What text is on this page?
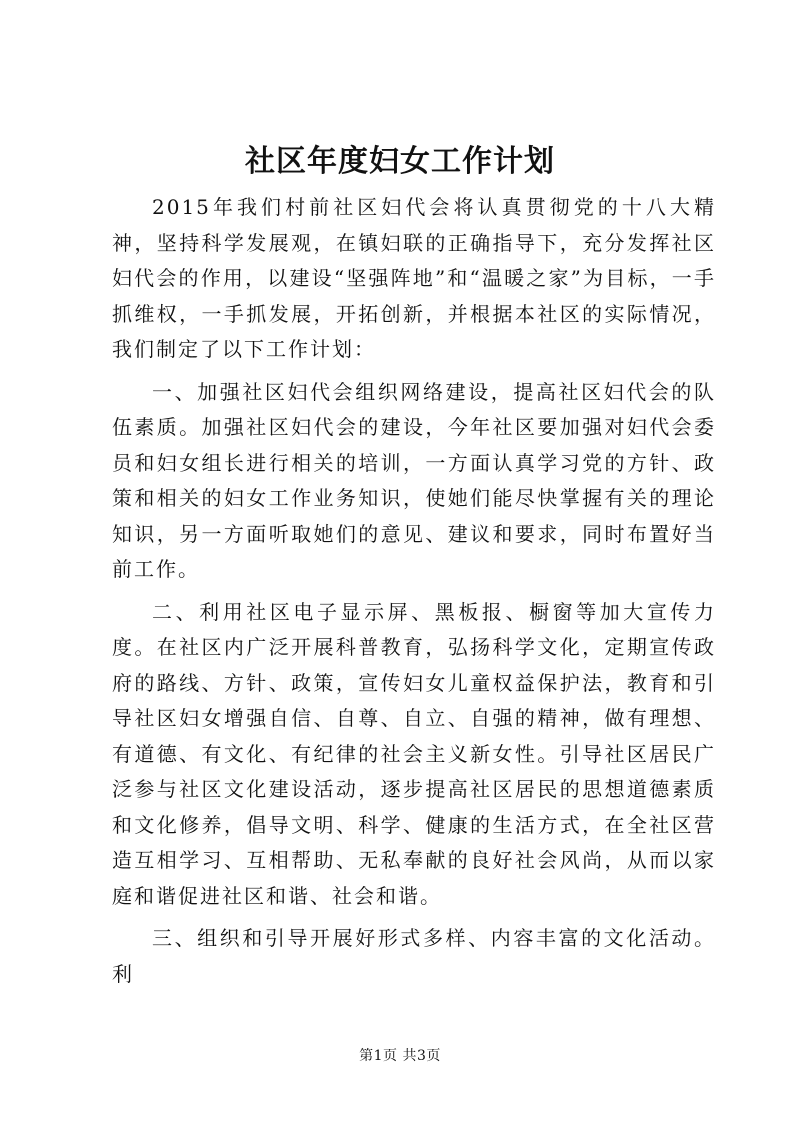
社区年度妇女工作计划

2015年我们村前社区妇代会将认真贯彻党的十八大精神，坚持科学发展观，在镇妇联的正确指导下，充分发挥社区妇代会的作用，以建设“坚强阵地”和“温暖之家”为目标，一手抓维权，一手抓发展，开拓创新，并根据本社区的实际情况，我们制定了以下工作计划：

一、加强社区妇代会组织网络建设，提高社区妇代会的队伍素质。加强社区妇代会的建设，今年社区要加强对妇代会委员和妇女组长进行相关的培训，一方面认真学习党的方针、政策和相关的妇女工作业务知识，使她们能尽快掌握有关的理论知识，另一方面听取她们的意见、建议和要求，同时布置好当前工作。

二、利用社区电子显示屏、黑板报、橱窗等加大宣传力度。在社区内广泛开展科普教育，弘扬科学文化，定期宣传政府的路线、方针、政策，宣传妇女儿童权益保护法，教育和引导社区妇女增强自信、自尊、自立、自强的精神，做有理想、有道德、有文化、有纪律的社会主义新女性。引导社区居民广泛参与社区文化建设活动，逐步提高社区居民的思想道德素质和文化修养，倡导文明、科学、健康的生活方式，在全社区营造互相学习、互相帮助、无私奉献的良好社会风尚，从而以家庭和谐促进社区和谐、社会和谐。

三、组织和引导开展好形式多样、内容丰富的文化活动。利

第1页 共3页
